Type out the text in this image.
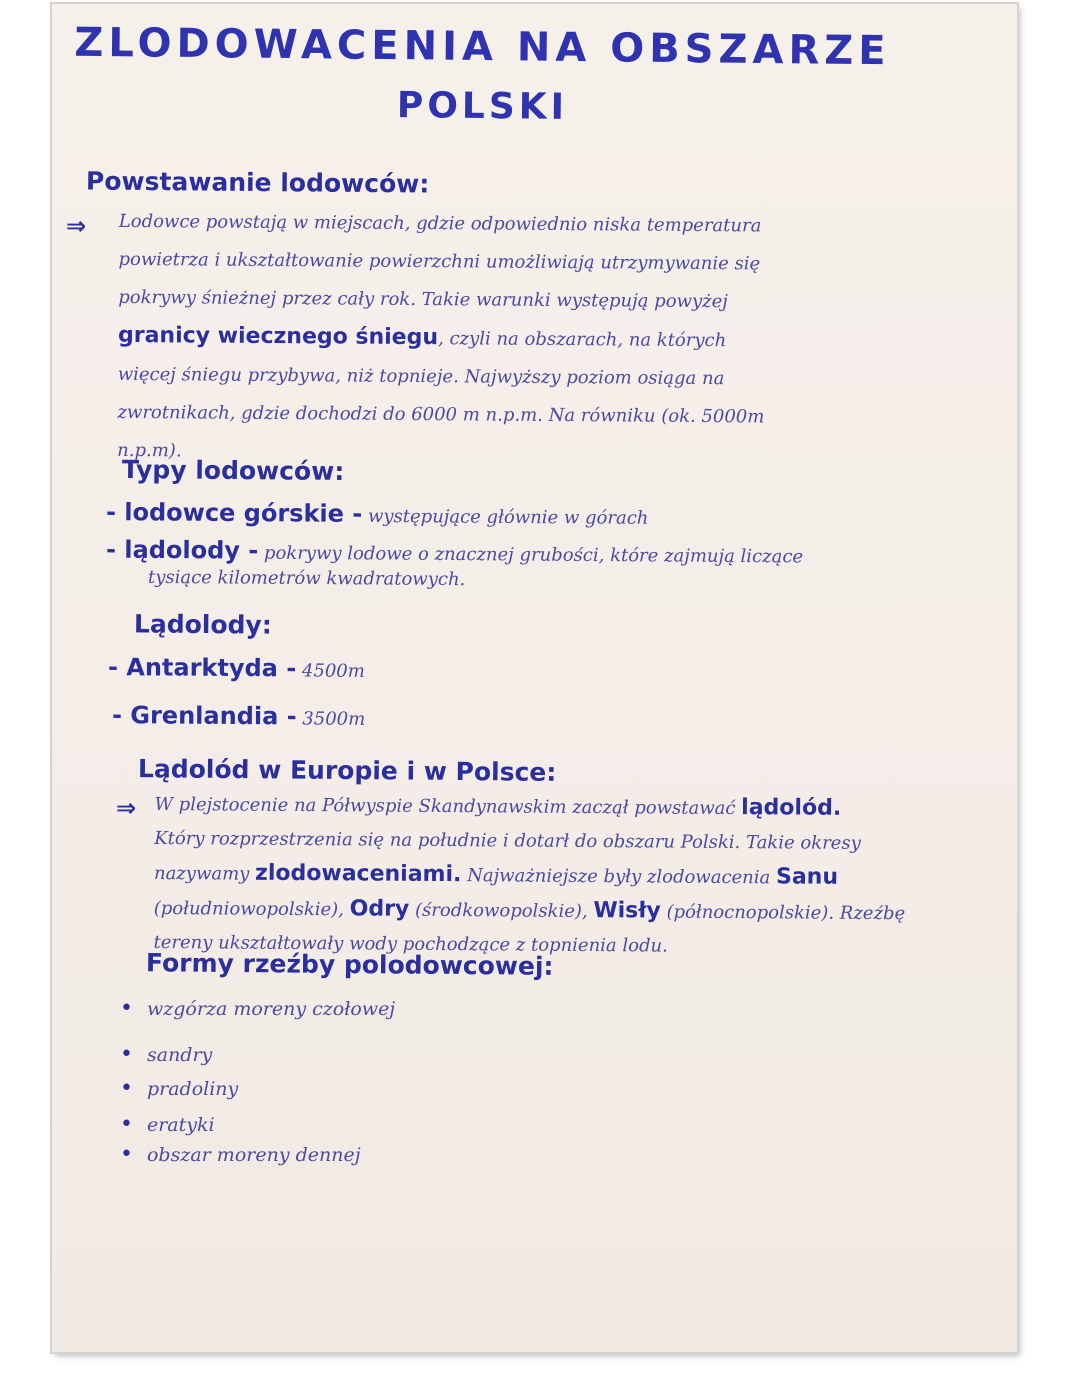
ZLODOWACENIA NA OBSZARZE
POLSKI
Powstawanie lodowców:
⇒ Lodowce powstają w miejscach, gdzie odpowiednio niska temperatura
powietrza i ukształtowanie powierzchni umożliwiają utrzymywanie się
pokrywy śnieżnej przez cały rok. Takie warunki występują powyżej
granicy wiecznego śniegu, czyli na obszarach, na których
więcej śniegu przybywa, niż topnieje. Najwyższy poziom osiąga na
zwrotnikach, gdzie dochodzi do 6000 m n.p.m. Na równiku (ok. 5000m
n.p.m).
Typy lodowców:
- lodowce górskie - występujące głównie w górach
- lądolody - pokrywy lodowe o znacznej grubości, które zajmują liczące
tysiące kilometrów kwadratowych.
Lądolody:
- Antarktyda - 4500m
- Grenlandia - 3500m
Lądolód w Europie i w Polsce:
⇒ W plejstocenie na Półwyspie Skandynawskim zaczął powstawać lądolód.
Który rozprzestrzenia się na południe i dotarł do obszaru Polski. Takie okresy
nazywamy zlodowaceniami. Najważniejsze były zlodowacenia Sanu
(południowopolskie), Odry (środkowopolskie), Wisły (północnopolskie). Rzeźbę
tereny ukształtowały wody pochodzące z topnienia lodu.
Formy rzeźby polodowcowej:
• wzgórza moreny czołowej
• sandry
• pradoliny
• eratyki
• obszar moreny dennej
